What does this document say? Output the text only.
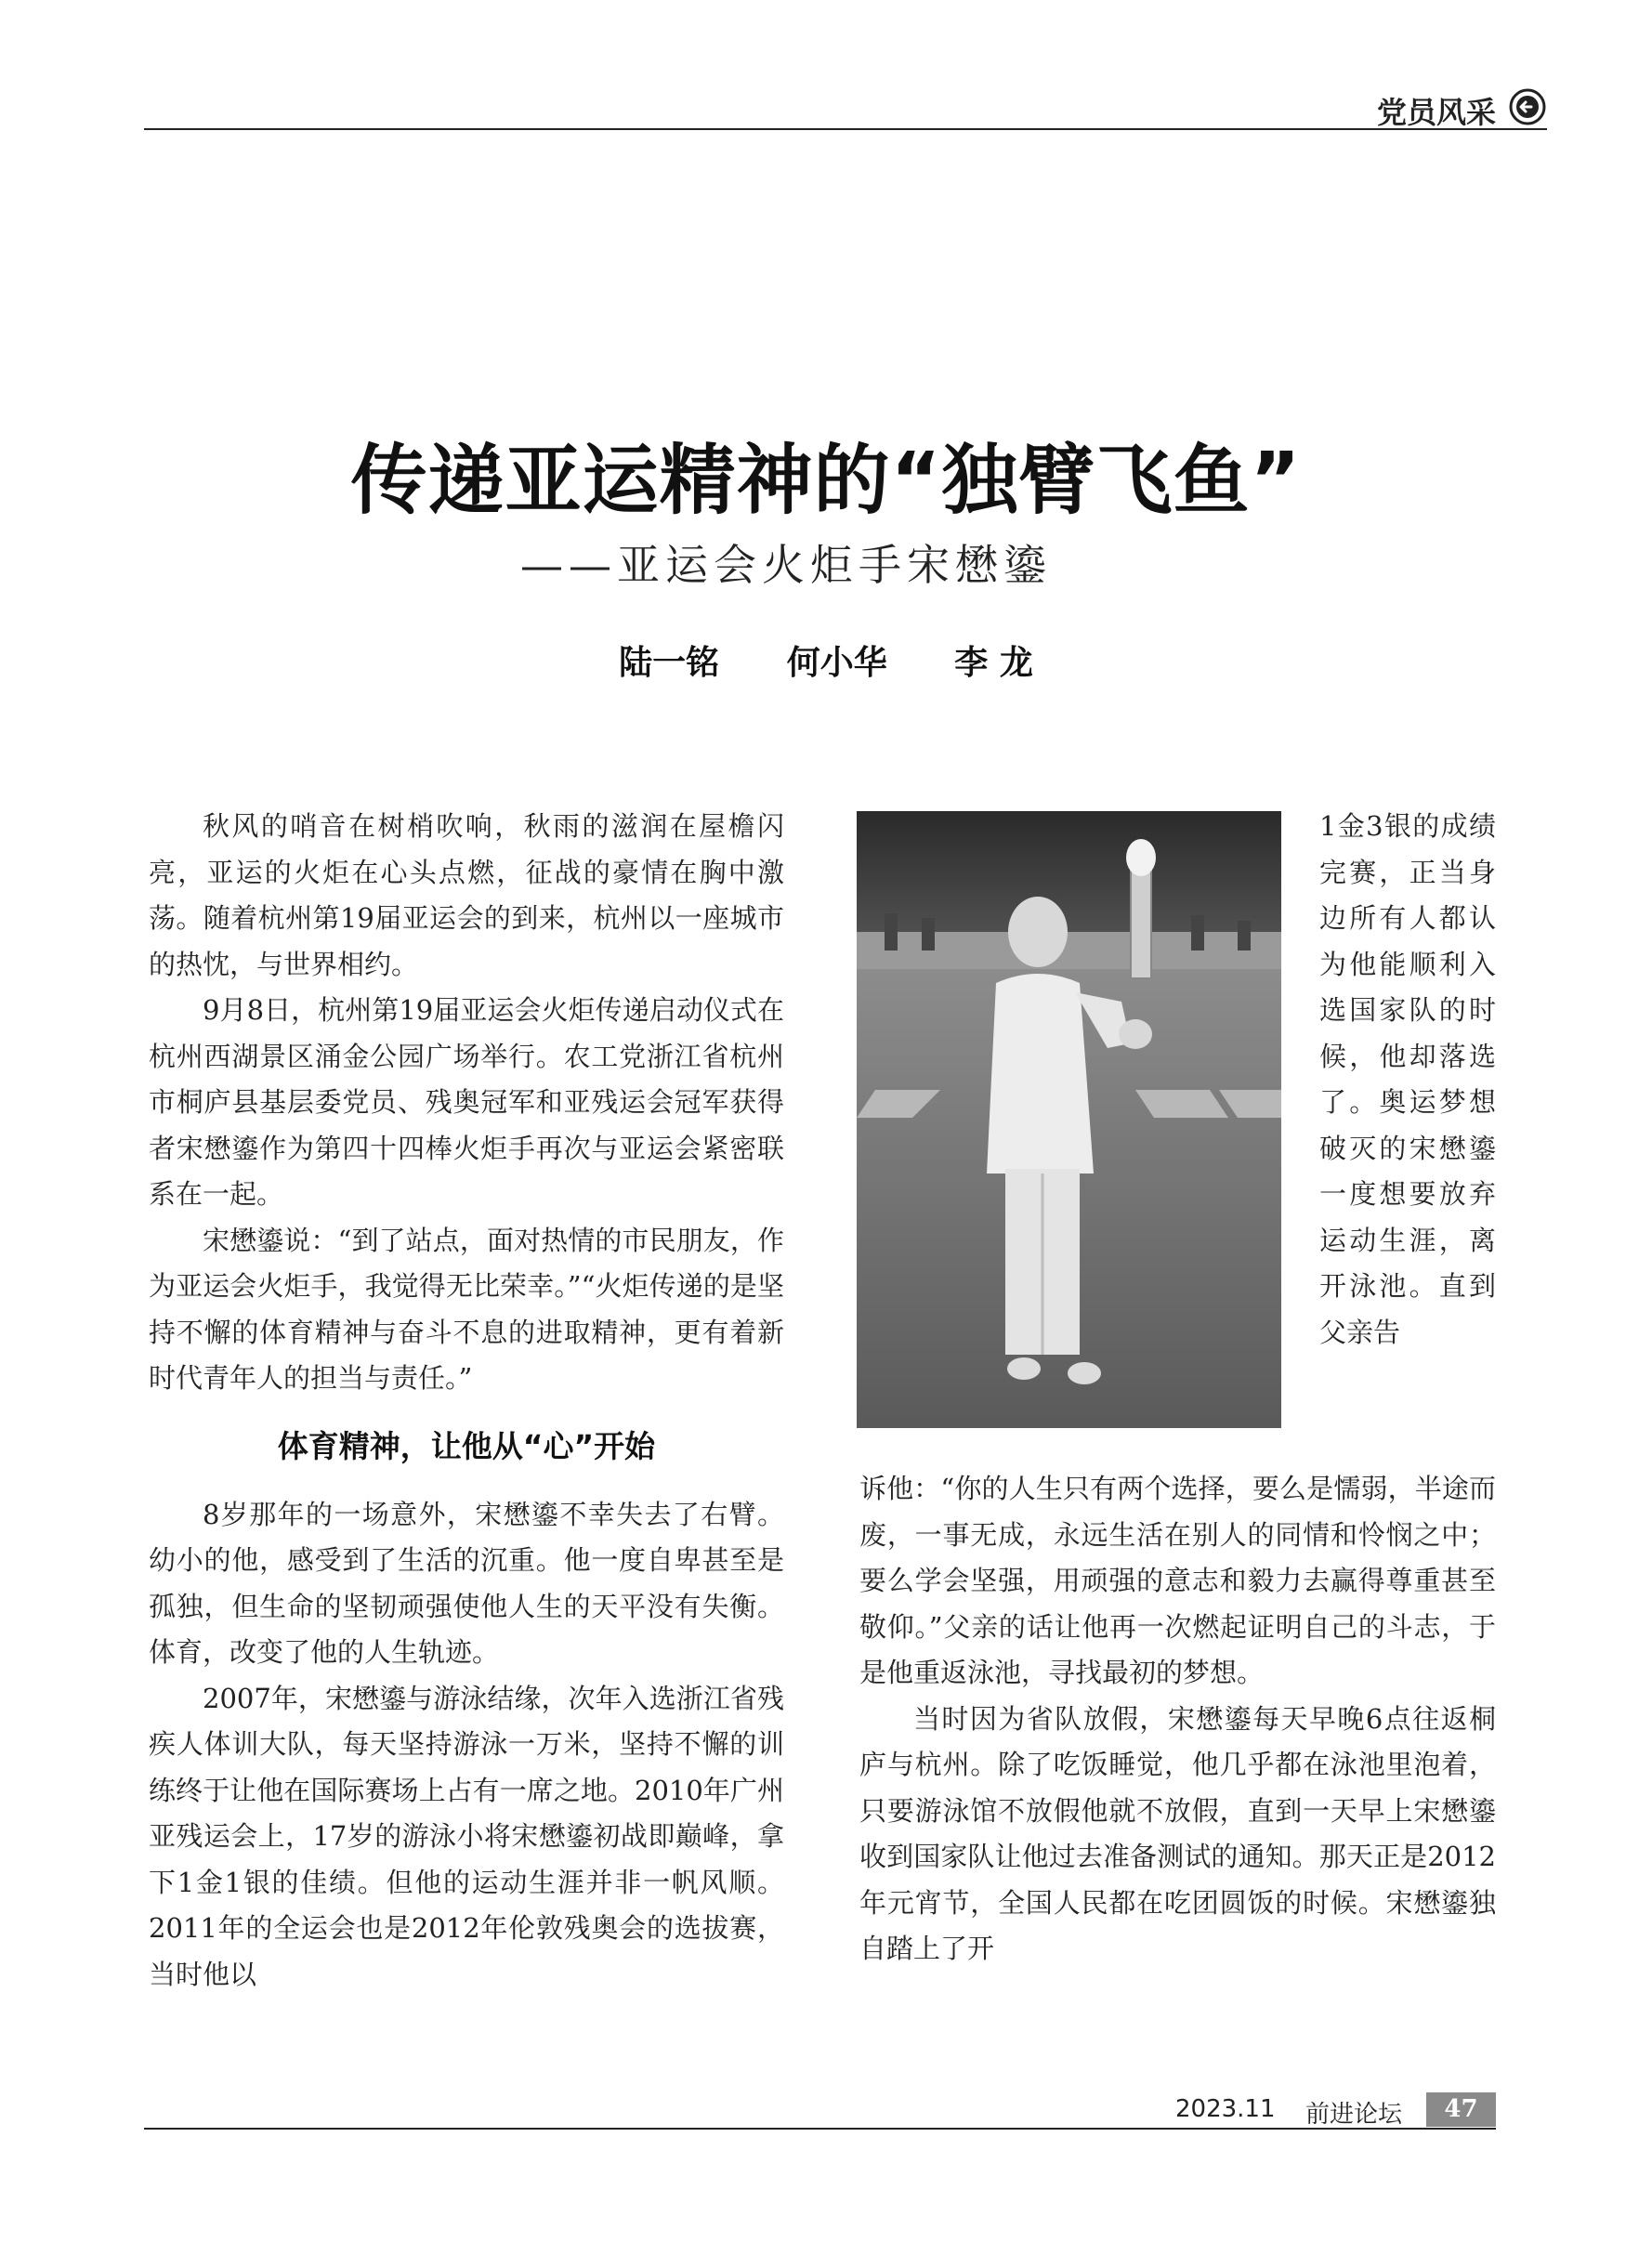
党员风采
传递亚运精神的“独臂飞鱼”
——亚运会火炬手宋懋鎏
陆一铭 何小华 李 龙

秋风的哨音在树梢吹响，秋雨的滋润在屋檐闪亮，亚运的火炬在心头点燃，征战的豪情在胸中激荡。随着杭州第19届亚运会的到来，杭州以一座城市的热忱，与世界相约。

9月8日，杭州第19届亚运会火炬传递启动仪式在杭州西湖景区涌金公园广场举行。农工党浙江省杭州市桐庐县基层委党员、残奥冠军和亚残运会冠军获得者宋懋鎏作为第四十四棒火炬手再次与亚运会紧密联系在一起。

宋懋鎏说：“到了站点，面对热情的市民朋友，作为亚运会火炬手，我觉得无比荣幸。”“火炬传递的是坚持不懈的体育精神与奋斗不息的进取精神，更有着新时代青年人的担当与责任。”

体育精神，让他从“心”开始

8岁那年的一场意外，宋懋鎏不幸失去了右臂。幼小的他，感受到了生活的沉重。他一度自卑甚至是孤独，但生命的坚韧顽强使他人生的天平没有失衡。体育，改变了他的人生轨迹。

2007年，宋懋鎏与游泳结缘，次年入选浙江省残疾人体训大队，每天坚持游泳一万米，坚持不懈的训练终于让他在国际赛场上占有一席之地。2010年广州亚残运会上，17岁的游泳小将宋懋鎏初战即巅峰，拿下1金1银的佳绩。但他的运动生涯并非一帆风顺。2011年的全运会也是2012年伦敦残奥会的选拔赛，当时他以

1金3银的成绩完赛，正当身边所有人都认为他能顺利入选国家队的时候，他却落选了。奥运梦想破灭的宋懋鎏一度想要放弃运动生涯，离开泳池。直到父亲告

诉他：“你的人生只有两个选择，要么是懦弱，半途而废，一事无成，永远生活在别人的同情和怜悯之中；要么学会坚强，用顽强的意志和毅力去赢得尊重甚至敬仰。”父亲的话让他再一次燃起证明自己的斗志，于是他重返泳池，寻找最初的梦想。

当时因为省队放假，宋懋鎏每天早晚6点往返桐庐与杭州。除了吃饭睡觉，他几乎都在泳池里泡着，只要游泳馆不放假他就不放假，直到一天早上宋懋鎏收到国家队让他过去准备测试的通知。那天正是2012年元宵节，全国人民都在吃团圆饭的时候。宋懋鎏独自踏上了开

2023.11 前进论坛	47
